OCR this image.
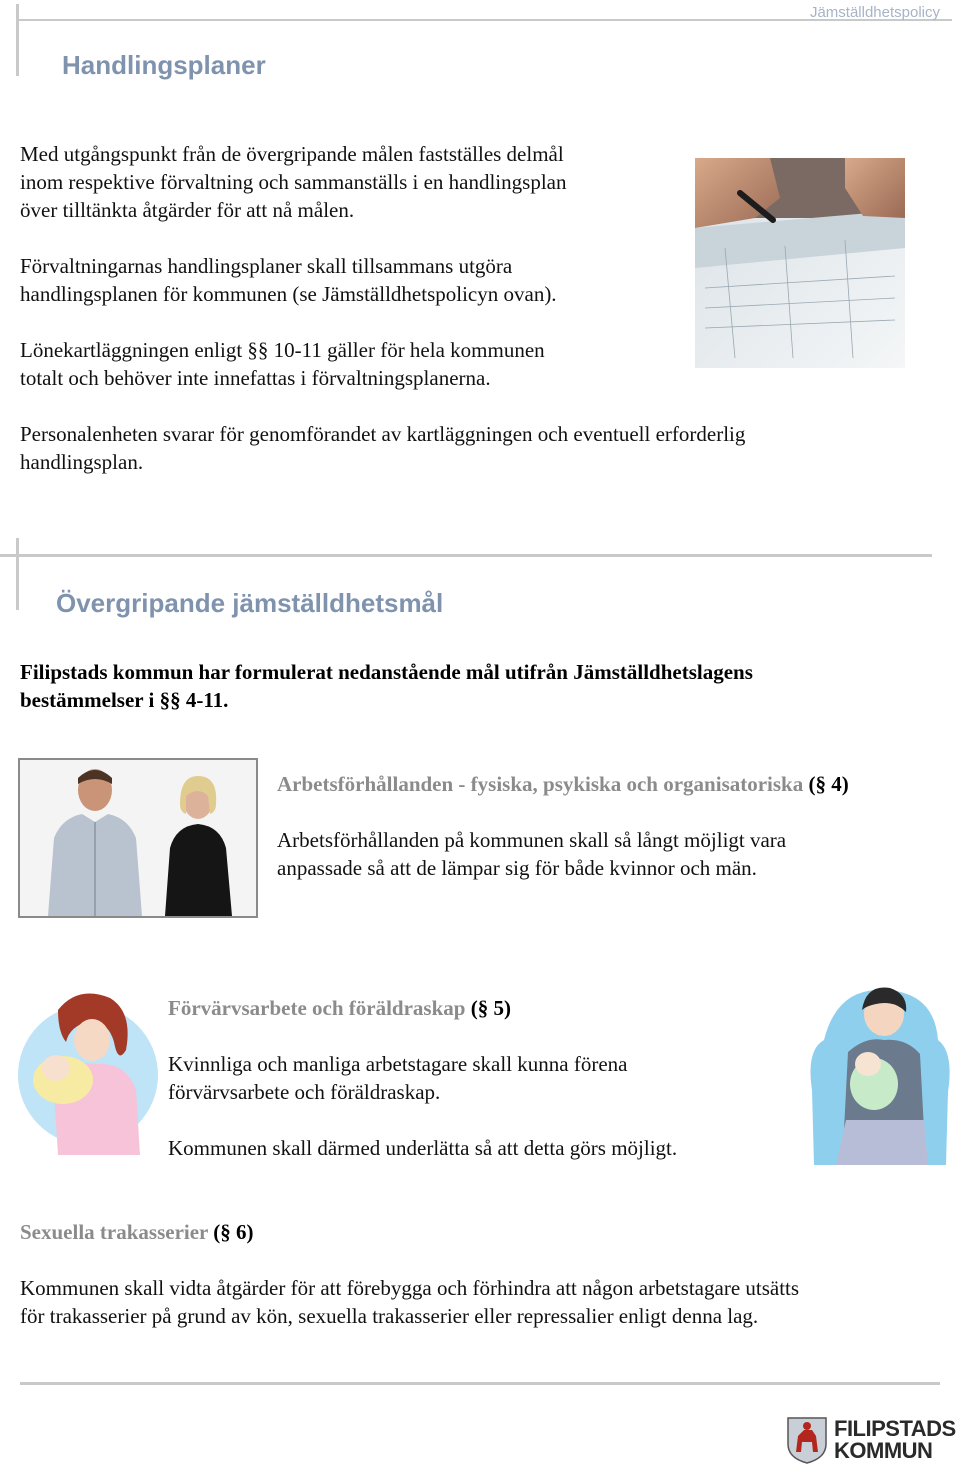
Jämställdhetspolicy
Handlingsplaner
Med utgångspunkt från de övergripande målen fastställes delmål
inom respektive förvaltning och sammanställs i en handlingsplan
över tilltänkta åtgärder för att nå målen.
Förvaltningarnas handlingsplaner skall tillsammans utgöra
handlingsplanen för kommunen (se Jämställdhetspolicyn ovan).
Lönekartläggningen enligt §§ 10-11 gäller för hela kommunen
totalt och behöver inte innefattas i förvaltningsplanerna.
Personalenheten svarar för genomförandet av kartläggningen och eventuell erforderlig
handlingsplan.
Övergripande jämställdhetsmål
Filipstads kommun har formulerat nedanstående mål utifrån Jämställdhetslagens
bestämmelser i §§ 4-11.
Arbetsförhållanden - fysiska, psykiska och organisatoriska (§ 4)
Arbetsförhållanden på kommunen skall så långt möjligt vara
anpassade så att de lämpar sig för både kvinnor och män.
Förvärvsarbete och föräldraskap (§ 5)
Kvinnliga och manliga arbetstagare skall kunna förena
förvärvsarbete och föräldraskap.
Kommunen skall därmed underlätta så att detta görs möjligt.
Sexuella trakasserier (§ 6)
Kommunen skall vidta åtgärder för att förebygga och förhindra att någon arbetstagare utsätts
för trakasserier på grund av kön, sexuella trakasserier eller repressalier enligt denna lag.
FILIPSTADS
KOMMUN
